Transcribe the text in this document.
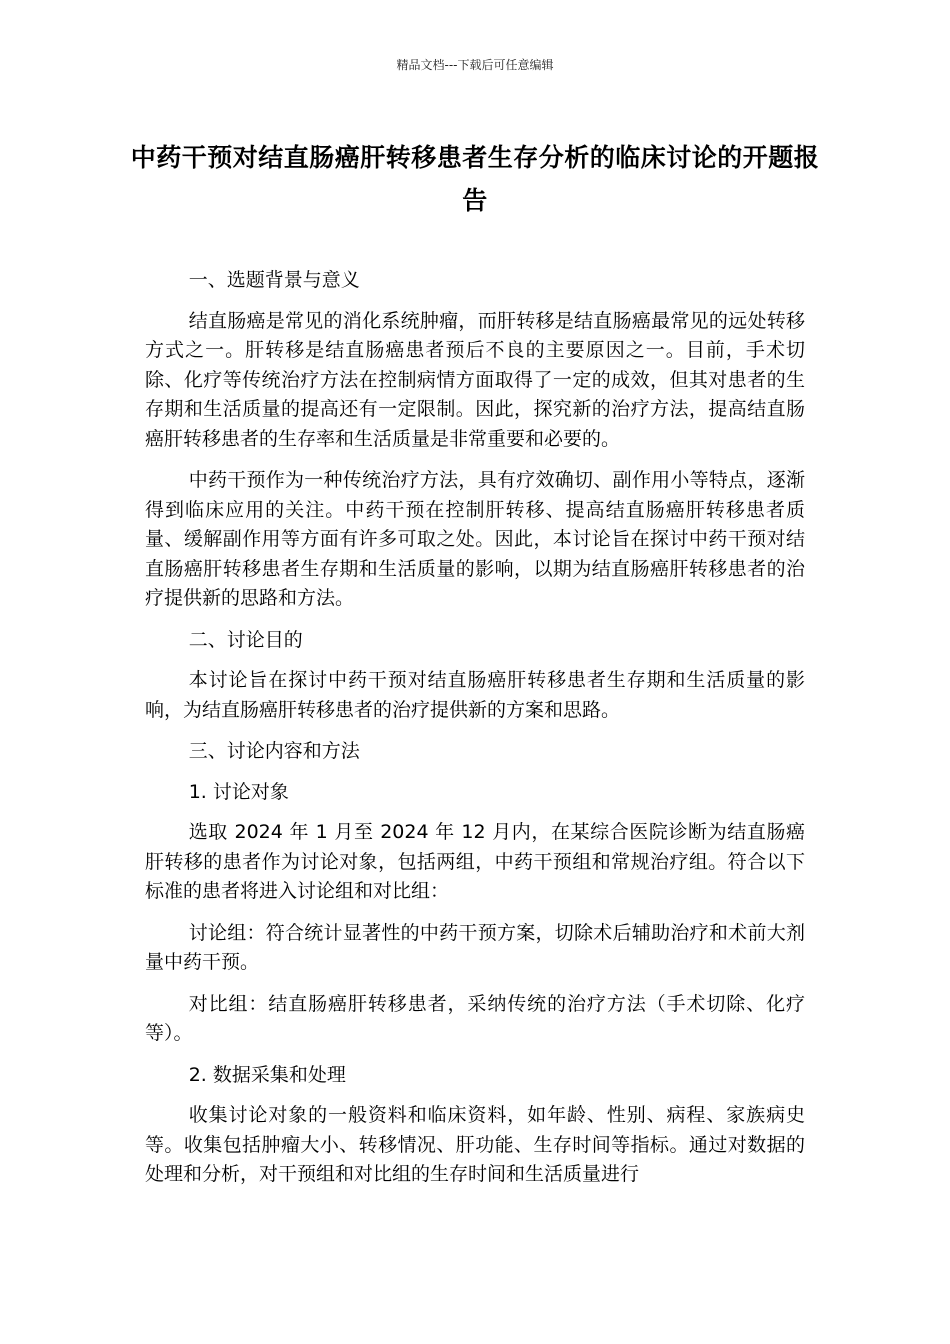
精品文档---下载后可任意编辑
中药干预对结直肠癌肝转移患者生存分析的临床讨论的开题报告

一、选题背景与意义

结直肠癌是常见的消化系统肿瘤，而肝转移是结直肠癌最常见的远处转移方式之一。肝转移是结直肠癌患者预后不良的主要原因之一。目前，手术切除、化疗等传统治疗方法在控制病情方面取得了一定的成效，但其对患者的生存期和生活质量的提高还有一定限制。因此，探究新的治疗方法，提高结直肠癌肝转移患者的生存率和生活质量是非常重要和必要的。

中药干预作为一种传统治疗方法，具有疗效确切、副作用小等特点，逐渐得到临床应用的关注。中药干预在控制肝转移、提高结直肠癌肝转移患者质量、缓解副作用等方面有许多可取之处。因此，本讨论旨在探讨中药干预对结直肠癌肝转移患者生存期和生活质量的影响，以期为结直肠癌肝转移患者的治疗提供新的思路和方法。

二、讨论目的

本讨论旨在探讨中药干预对结直肠癌肝转移患者生存期和生活质量的影响，为结直肠癌肝转移患者的治疗提供新的方案和思路。

三、讨论内容和方法

1. 讨论对象

选取 2024 年 1 月至 2024 年 12 月内，在某综合医院诊断为结直肠癌肝转移的患者作为讨论对象，包括两组，中药干预组和常规治疗组。符合以下标准的患者将进入讨论组和对比组：

讨论组：符合统计显著性的中药干预方案，切除术后辅助治疗和术前大剂量中药干预。

对比组：结直肠癌肝转移患者，采纳传统的治疗方法（手术切除、化疗等）。

2. 数据采集和处理

收集讨论对象的一般资料和临床资料，如年龄、性别、病程、家族病史等。收集包括肿瘤大小、转移情况、肝功能、生存时间等指标。通过对数据的处理和分析，对干预组和对比组的生存时间和生活质量进行
